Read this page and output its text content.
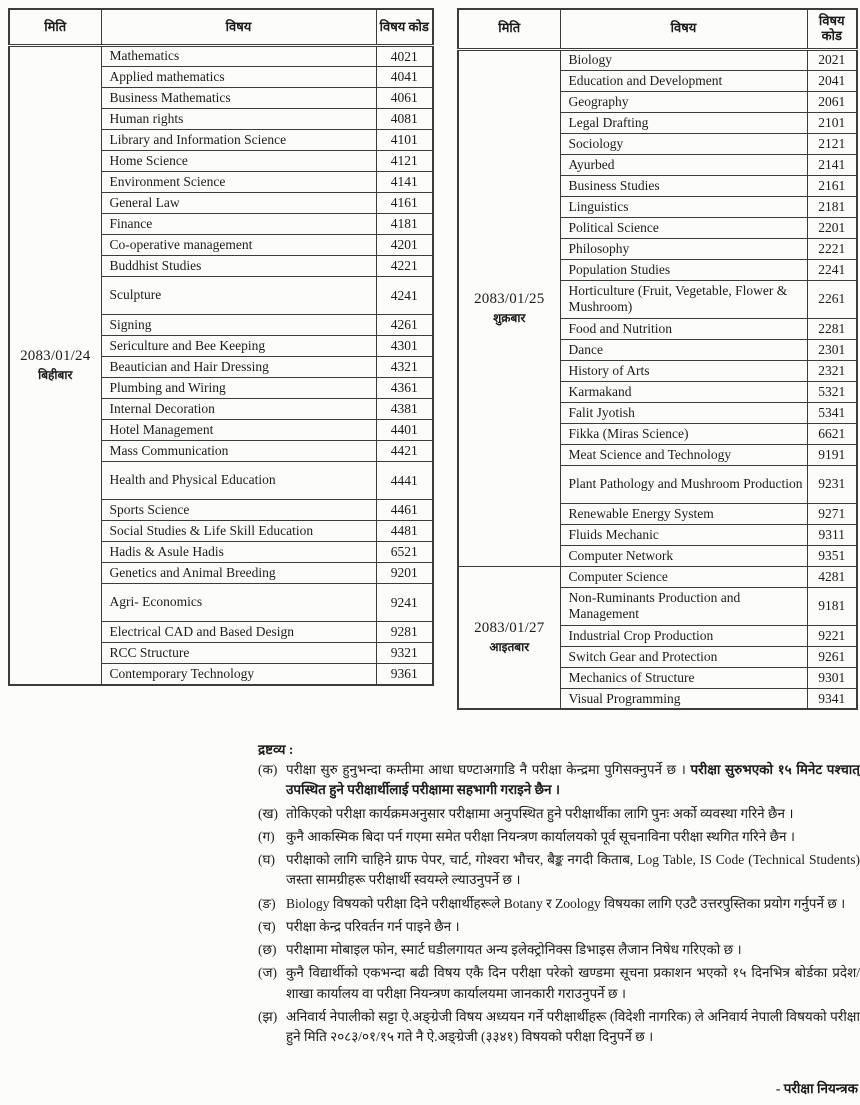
मिति	विषय	विषय कोड

2083/01/24
बिहीबार	Mathematics	4021
	Applied mathematics	4041
	Business Mathematics	4061
	Human rights	4081
	Library and Information Science	4101
	Home Science	4121
	Environment Science	4141
	General Law	4161
	Finance	4181
	Co-operative management	4201
	Buddhist Studies	4221
	Sculpture	4241
	Signing	4261
	Sericulture and Bee Keeping	4301
	Beautician and Hair Dressing	4321
	Plumbing and Wiring	4361
	Internal Decoration	4381
	Hotel Management	4401
	Mass Communication	4421
	Health and Physical Education	4441
	Sports Science	4461
	Social Studies & Life Skill Education	4481
	Hadis & Asule Hadis	6521
	Genetics and Animal Breeding	9201
	Agri- Economics	9241
	Electrical CAD and Based Design	9281
	RCC Structure	9321
	Contemporary Technology	9361
मिति	विषय	विषय कोड

2083/01/25
शुक्रबार	Biology	2021
	Education and Development	2041
	Geography	2061
	Legal Drafting	2101
	Sociology	2121
	Ayurbed	2141
	Business Studies	2161
	Linguistics	2181
	Political Science	2201
	Philosophy	2221
	Population Studies	2241
	Horticulture (Fruit, Vegetable, Flower & Mushroom)	2261
	Food and Nutrition	2281
	Dance	2301
	History of Arts	2321
	Karmakand	5321
	Falit Jyotish	5341
	Fikka (Miras Science)	6621
	Meat Science and Technology	9191
	Plant Pathology and Mushroom Production	9231
	Renewable Energy System	9271
	Fluids Mechanic	9311
	Computer Network	9351

2083/01/27
आइतबार	Computer Science	4281
	Non-Ruminants Production and Management	9181
	Industrial Crop Production	9221
	Switch Gear and Protection	9261
	Mechanics of Structure	9301
	Visual Programming	9341
द्रष्टव्य :
(क) परीक्षा सुरु हुनुभन्दा कम्तीमा आधा घण्टाअगाडि नै परीक्षा केन्द्रमा पुगिसक्नुपर्ने छ । परीक्षा सुरुभएको १५ मिनेट पश्चात् उपस्थित हुने परीक्षार्थीलाई परीक्षामा सहभागी गराइने छैन ।
(ख) तोकिएको परीक्षा कार्यक्रमअनुसार परीक्षामा अनुपस्थित हुने परीक्षार्थीका लागि पुनः अर्को व्यवस्था गरिने छैन ।
(ग) कुनै आकस्मिक बिदा पर्न गएमा समेत परीक्षा नियन्त्रण कार्यालयको पूर्व सूचनाविना परीक्षा स्थगित गरिने छैन ।
(घ) परीक्षाको लागि चाहिने ग्राफ पेपर, चार्ट, गोश्वरा भौचर, बैङ्क नगदी किताब, Log Table, IS Code (Technical Students) जस्ता सामग्रीहरू परीक्षार्थी स्वयम्ले ल्याउनुपर्ने छ ।
(ङ) Biology विषयको परीक्षा दिने परीक्षार्थीहरूले Botany र Zoology विषयका लागि एउटै उत्तरपुस्तिका प्रयोग गर्नुपर्ने छ ।
(च) परीक्षा केन्द्र परिवर्तन गर्न पाइने छैन ।
(छ) परीक्षामा मोबाइल फोन, स्मार्ट घडीलगायत अन्य इलेक्ट्रोनिक्स डिभाइस लैजान निषेध गरिएको छ ।
(ज) कुनै विद्यार्थीको एकभन्दा बढी विषय एकै दिन परीक्षा परेको खण्डमा सूचना प्रकाशन भएको १५ दिनभित्र बोर्डका प्रदेश/शाखा कार्यालय वा परीक्षा नियन्त्रण कार्यालयमा जानकारी गराउनुपर्ने छ ।
(झ) अनिवार्य नेपालीको सट्टा ऐ.अङ्ग्रेजी विषय अध्ययन गर्ने परीक्षार्थीहरू (विदेशी नागरिक) ले अनिवार्य नेपाली विषयको परीक्षा हुने मिति २०८३/०१/१५ गते नै ऐ.अङ्ग्रेजी (३३४१) विषयको परीक्षा दिनुपर्ने छ ।
- परीक्षा नियन्त्रक
